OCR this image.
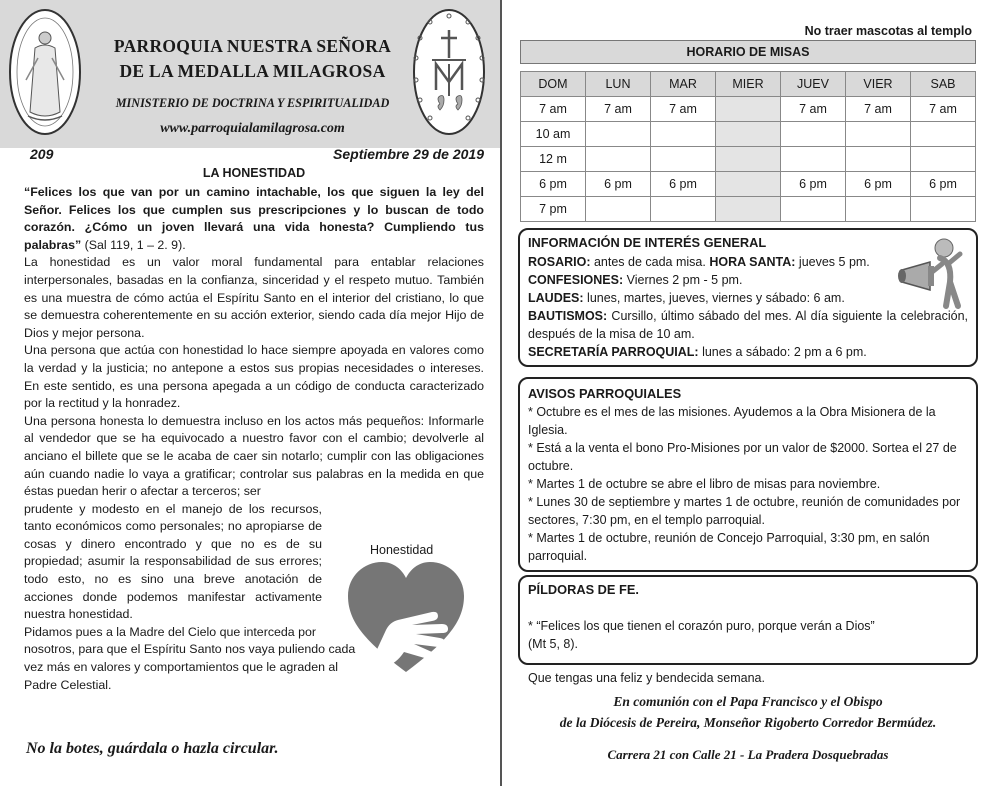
PARROQUIA NUESTRA SEÑORA
DE LA MEDALLA MILAGROSA
MINISTERIO DE DOCTRINA Y ESPIRITUALIDAD
www.parroquialamilagrosa.com
209	Septiembre 29 de 2019
LA HONESTIDAD

“Felices los que van por un camino intachable, los que siguen la ley del Señor. Felices los que cumplen sus prescripciones y lo buscan de todo corazón. ¿Cómo un joven llevará una vida honesta? Cumpliendo tus palabras” (Sal 119, 1 – 2. 9).

La honestidad es un valor moral fundamental para entablar relaciones interpersonales, basadas en la confianza, sinceridad y el respeto mutuo. También es una muestra de cómo actúa el Espíritu Santo en el interior del cristiano, lo que se demuestra coherentemente en su acción exterior, siendo cada día mejor Hijo de Dios y mejor persona.

Una persona que actúa con honestidad lo hace siempre apoyada en valores como la verdad y la justicia; no antepone a estos sus propias necesidades o intereses. En este sentido, es una persona apegada a un código de conducta caracterizado por la rectitud y la honradez.

Una persona honesta lo demuestra incluso en los actos más pequeños: Informarle al vendedor que se ha equivocado a nuestro favor con el cambio; devolverle al anciano el billete que se le acaba de caer sin notarlo; cumplir con las obligaciones aún cuando nadie lo vaya a gratificar; controlar sus palabras en la medida en que éstas puedan herir o afectar a terceros; ser

prudente y modesto en el manejo de los recursos, tanto económicos como personales; no apropiarse de cosas y dinero encontrado y que no es de su propiedad; asumir la responsabilidad de sus errores; todo esto, no es sino una breve anotación de acciones donde podemos manifestar activamente nuestra honestidad.

Pidamos pues a la Madre del Cielo que interceda por nosotros, para que el Espíritu Santo nos vaya puliendo cada vez más en valores y comportamientos que le agraden al Padre Celestial.

Honestidad
No la botes, guárdala o hazla circular.
No traer mascotas al templo
HORARIO DE MISAS
DOM	LUN	MAR	MIER	JUEV	VIER	SAB
7 am	7 am	7 am		7 am	7 am	7 am
10 am						
12 m						
6 pm	6 pm	6 pm		6 pm	6 pm	6 pm
7 pm						
INFORMACIÓN DE INTERÉS GENERAL

ROSARIO: antes de cada misa. HORA SANTA: jueves 5 pm.

CONFESIONES: Viernes 2 pm - 5 pm.

LAUDES: lunes, martes, jueves, viernes y sábado: 6 am.

BAUTISMOS: Cursillo, último sábado del mes. Al día siguiente la celebración, después de la misa de 10 am.

SECRETARÍA PARROQUIAL: lunes a sábado: 2 pm a 6 pm.

AVISOS PARROQUIALES

* Octubre es el mes de las misiones. Ayudemos a la Obra Misionera de la Iglesia.

* Está a la venta el bono Pro-Misiones por un valor de $2000. Sortea el 27 de octubre.

* Martes 1 de octubre se abre el libro de misas para noviembre.

* Lunes 30 de septiembre y martes 1 de octubre, reunión de comunidades por sectores, 7:30 pm, en el templo parroquial.

* Martes 1 de octubre, reunión de Concejo Parroquial, 3:30 pm, en salón parroquial.

PÍLDORAS DE FE.

* “Felices los que tienen el corazón puro, porque verán a Dios”

(Mt 5, 8).

Que tengas una feliz y bendecida semana.
En comunión con el Papa Francisco y el Obispo
de la Diócesis de Pereira, Monseñor Rigoberto Corredor Bermúdez.
Carrera 21 con Calle 21 - La Pradera Dosquebradas
